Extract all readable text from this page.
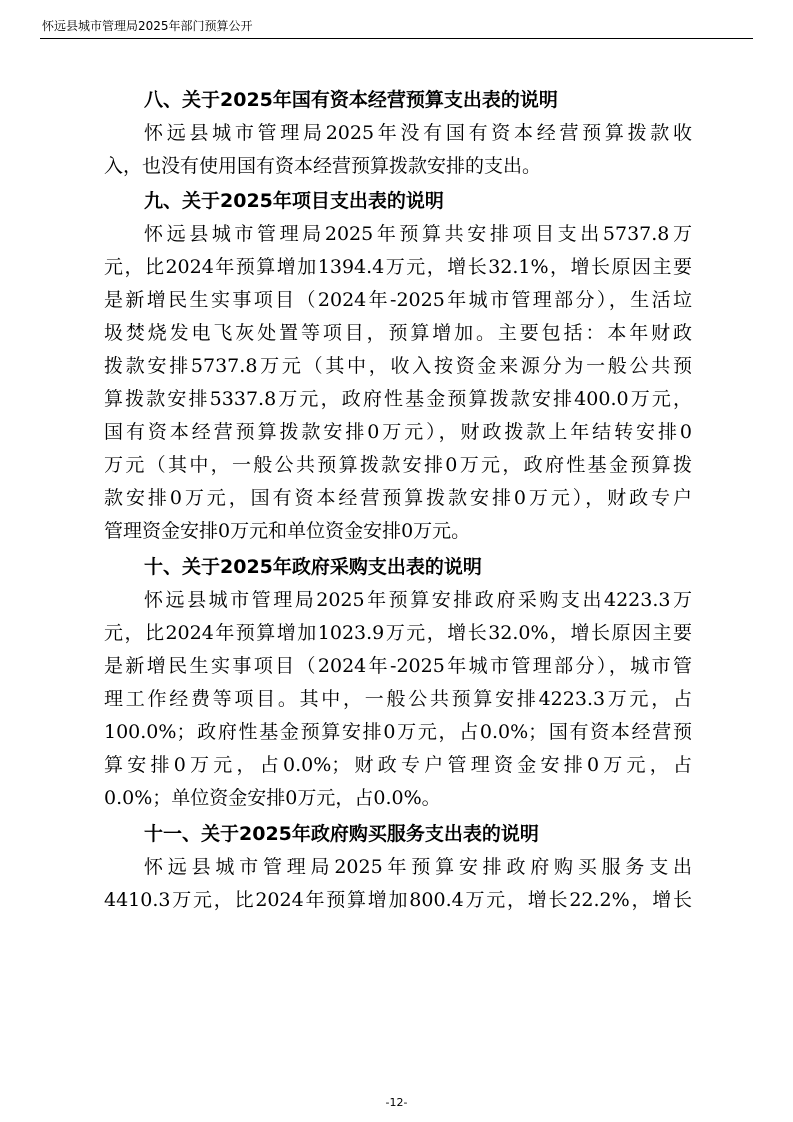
怀远县城市管理局2025年部门预算公开
八、关于2025年国有资本经营预算支出表的说明
怀远县城市管理局2025年没有国有资本经营预算拨款收
入，也没有使用国有资本经营预算拨款安排的支出。
九、关于2025年项目支出表的说明
怀远县城市管理局2025年预算共安排项目支出5737.8万
元，比2024年预算增加1394.4万元，增长32.1%，增长原因主要
是新增民生实事项目（2024年-2025年城市管理部分），生活垃
圾焚烧发电飞灰处置等项目，预算增加。主要包括：本年财政
拨款安排5737.8万元（其中，收入按资金来源分为一般公共预
算拨款安排5337.8万元，政府性基金预算拨款安排400.0万元，
国有资本经营预算拨款安排0万元），财政拨款上年结转安排0
万元（其中，一般公共预算拨款安排0万元，政府性基金预算拨
款安排0万元，国有资本经营预算拨款安排0万元），财政专户
管理资金安排0万元和单位资金安排0万元。
十、关于2025年政府采购支出表的说明
怀远县城市管理局2025年预算安排政府采购支出4223.3万
元，比2024年预算增加1023.9万元，增长32.0%，增长原因主要
是新增民生实事项目（2024年-2025年城市管理部分），城市管
理工作经费等项目。其中，一般公共预算安排4223.3万元，占
100.0%；政府性基金预算安排0万元，占0.0%；国有资本经营预
算安排0万元，占0.0%；财政专户管理资金安排0万元，占
0.0%；单位资金安排0万元，占0.0%。
十一、关于2025年政府购买服务支出表的说明
怀远县城市管理局2025年预算安排政府购买服务支出
4410.3万元，比2024年预算增加800.4万元，增长22.2%，增长
-12-
